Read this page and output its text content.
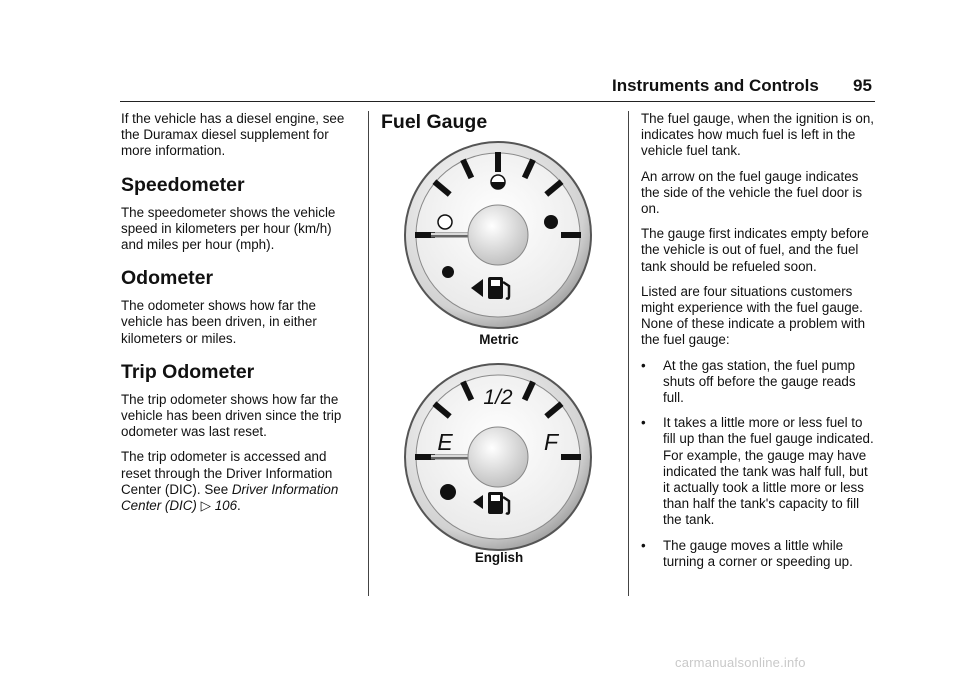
Instruments and Controls 95

If the vehicle has a diesel engine, see the Duramax diesel supplement for more information.

Speedometer

The speedometer shows the vehicle speed in kilometers per hour (km/h) and miles per hour (mph).

Odometer

The odometer shows how far the vehicle has been driven, in either kilometers or miles.

Trip Odometer

The trip odometer shows how far the vehicle has been driven since the trip odometer was last reset.

The trip odometer is accessed and reset through the Driver Information Center (DIC). See Driver Information Center (DIC) ▷ 106.

Fuel Gauge
Metric
1/2
E	F
English

The fuel gauge, when the ignition is on, indicates how much fuel is left in the vehicle fuel tank.

An arrow on the fuel gauge indicates the side of the vehicle the fuel door is on.

The gauge first indicates empty before the vehicle is out of fuel, and the fuel tank should be refueled soon.

Listed are four situations customers might experience with the fuel gauge. None of these indicate a problem with the fuel gauge:

•	At the gas station, the fuel pump shuts off before the gauge reads full.
•	It takes a little more or less fuel to fill up than the fuel gauge indicated. For example, the gauge may have indicated the tank was half full, but it actually took a little more or less than half the tank's capacity to fill the tank.
•	The gauge moves a little while turning a corner or speeding up.
carmanualsonline.info
